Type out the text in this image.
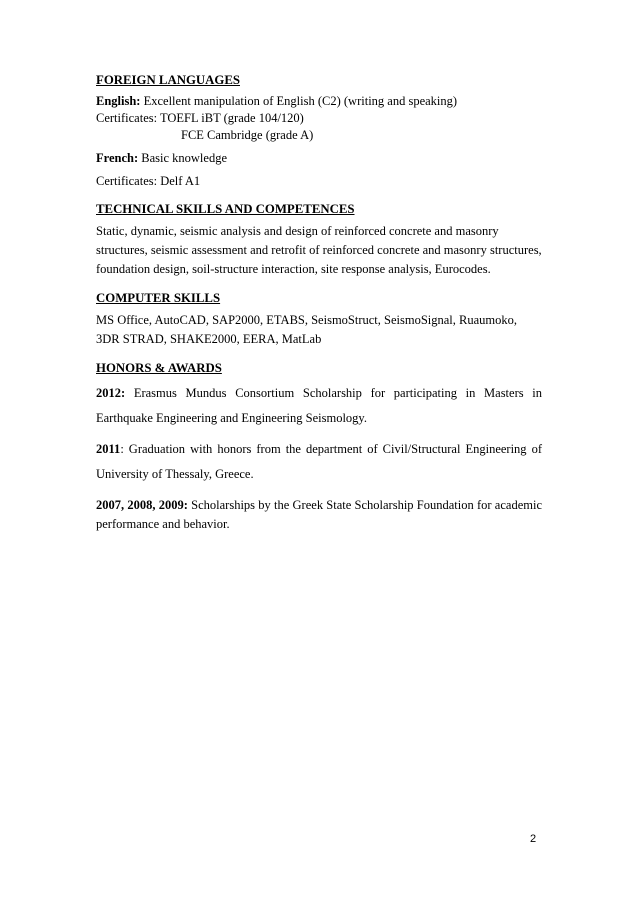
FOREIGN LANGUAGES

English: Excellent manipulation of English (C2) (writing and speaking)

Certificates: TOEFL iBT (grade 104/120)

FCE Cambridge (grade A)

French: Basic knowledge

Certificates: Delf A1

TECHNICAL SKILLS AND COMPETENCES

Static, dynamic, seismic analysis and design of reinforced concrete and masonry structures, seismic assessment and retrofit of reinforced concrete and masonry structures, foundation design, soil-structure interaction, site response analysis, Eurocodes.

COMPUTER SKILLS

MS Office, AutoCAD, SAP2000, ETABS, SeismoStruct, SeismoSignal, Ruaumoko, 3DR STRAD, SHAKE2000, EERA, MatLab

HONORS & AWARDS

2012: Erasmus Mundus Consortium Scholarship for participating in Masters in Earthquake Engineering and Engineering Seismology.

2011: Graduation with honors from the department of Civil/Structural Engineering of University of Thessaly, Greece.

2007, 2008, 2009: Scholarships by the Greek State Scholarship Foundation for academic performance and behavior.

2
